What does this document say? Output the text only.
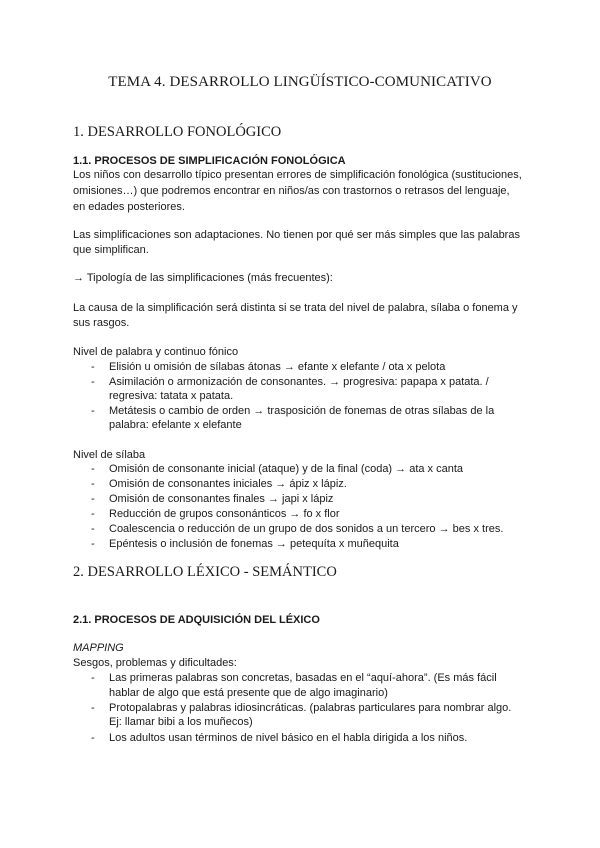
TEMA 4. DESARROLLO LINGÜÍSTICO-COMUNICATIVO
1. DESARROLLO FONOLÓGICO
1.1. PROCESOS DE SIMPLIFICACIÓN FONOLÓGICA
Los niños con desarrollo típico presentan errores de simplificación fonológica (sustituciones,
omisiones…) que podremos encontrar en niños/as con trastornos o retrasos del lenguaje,
en edades posteriores.
Las simplificaciones son adaptaciones. No tienen por qué ser más simples que las palabras
que simplifican.
→ Tipología de las simplificaciones (más frecuentes):
La causa de la simplificación será distinta si se trata del nivel de palabra, sílaba o fonema y
sus rasgos.
Nivel de palabra y continuo fónico
- Elisión u omisión de sílabas átonas → efante x elefante / ota x pelota
- Asimilación o armonización de consonantes. → progresiva: papapa x patata. /
regresiva: tatata x patata.
- Metátesis o cambio de orden → trasposición de fonemas de otras sílabas de la
palabra: efelante x elefante
Nivel de sílaba
- Omisión de consonante inicial (ataque) y de la final (coda) → ata x canta
- Omisión de consonantes iniciales → ápiz x lápiz.
- Omisión de consonantes finales → japi x lápiz
- Reducción de grupos consonánticos → fo x flor
- Coalescencia o reducción de un grupo de dos sonidos a un tercero → bes x tres.
- Epéntesis o inclusión de fonemas → petequíta x muñequita
2. DESARROLLO LÉXICO - SEMÁNTICO
2.1. PROCESOS DE ADQUISICIÓN DEL LÉXICO
MAPPING
Sesgos, problemas y dificultades:
- Las primeras palabras son concretas, basadas en el “aquí-ahora”. (Es más fácil
hablar de algo que está presente que de algo imaginario)
- Protopalabras y palabras idiosincráticas. (palabras particulares para nombrar algo.
Ej: llamar bibi a los muñecos)
- Los adultos usan términos de nivel básico en el habla dirigida a los niños.
